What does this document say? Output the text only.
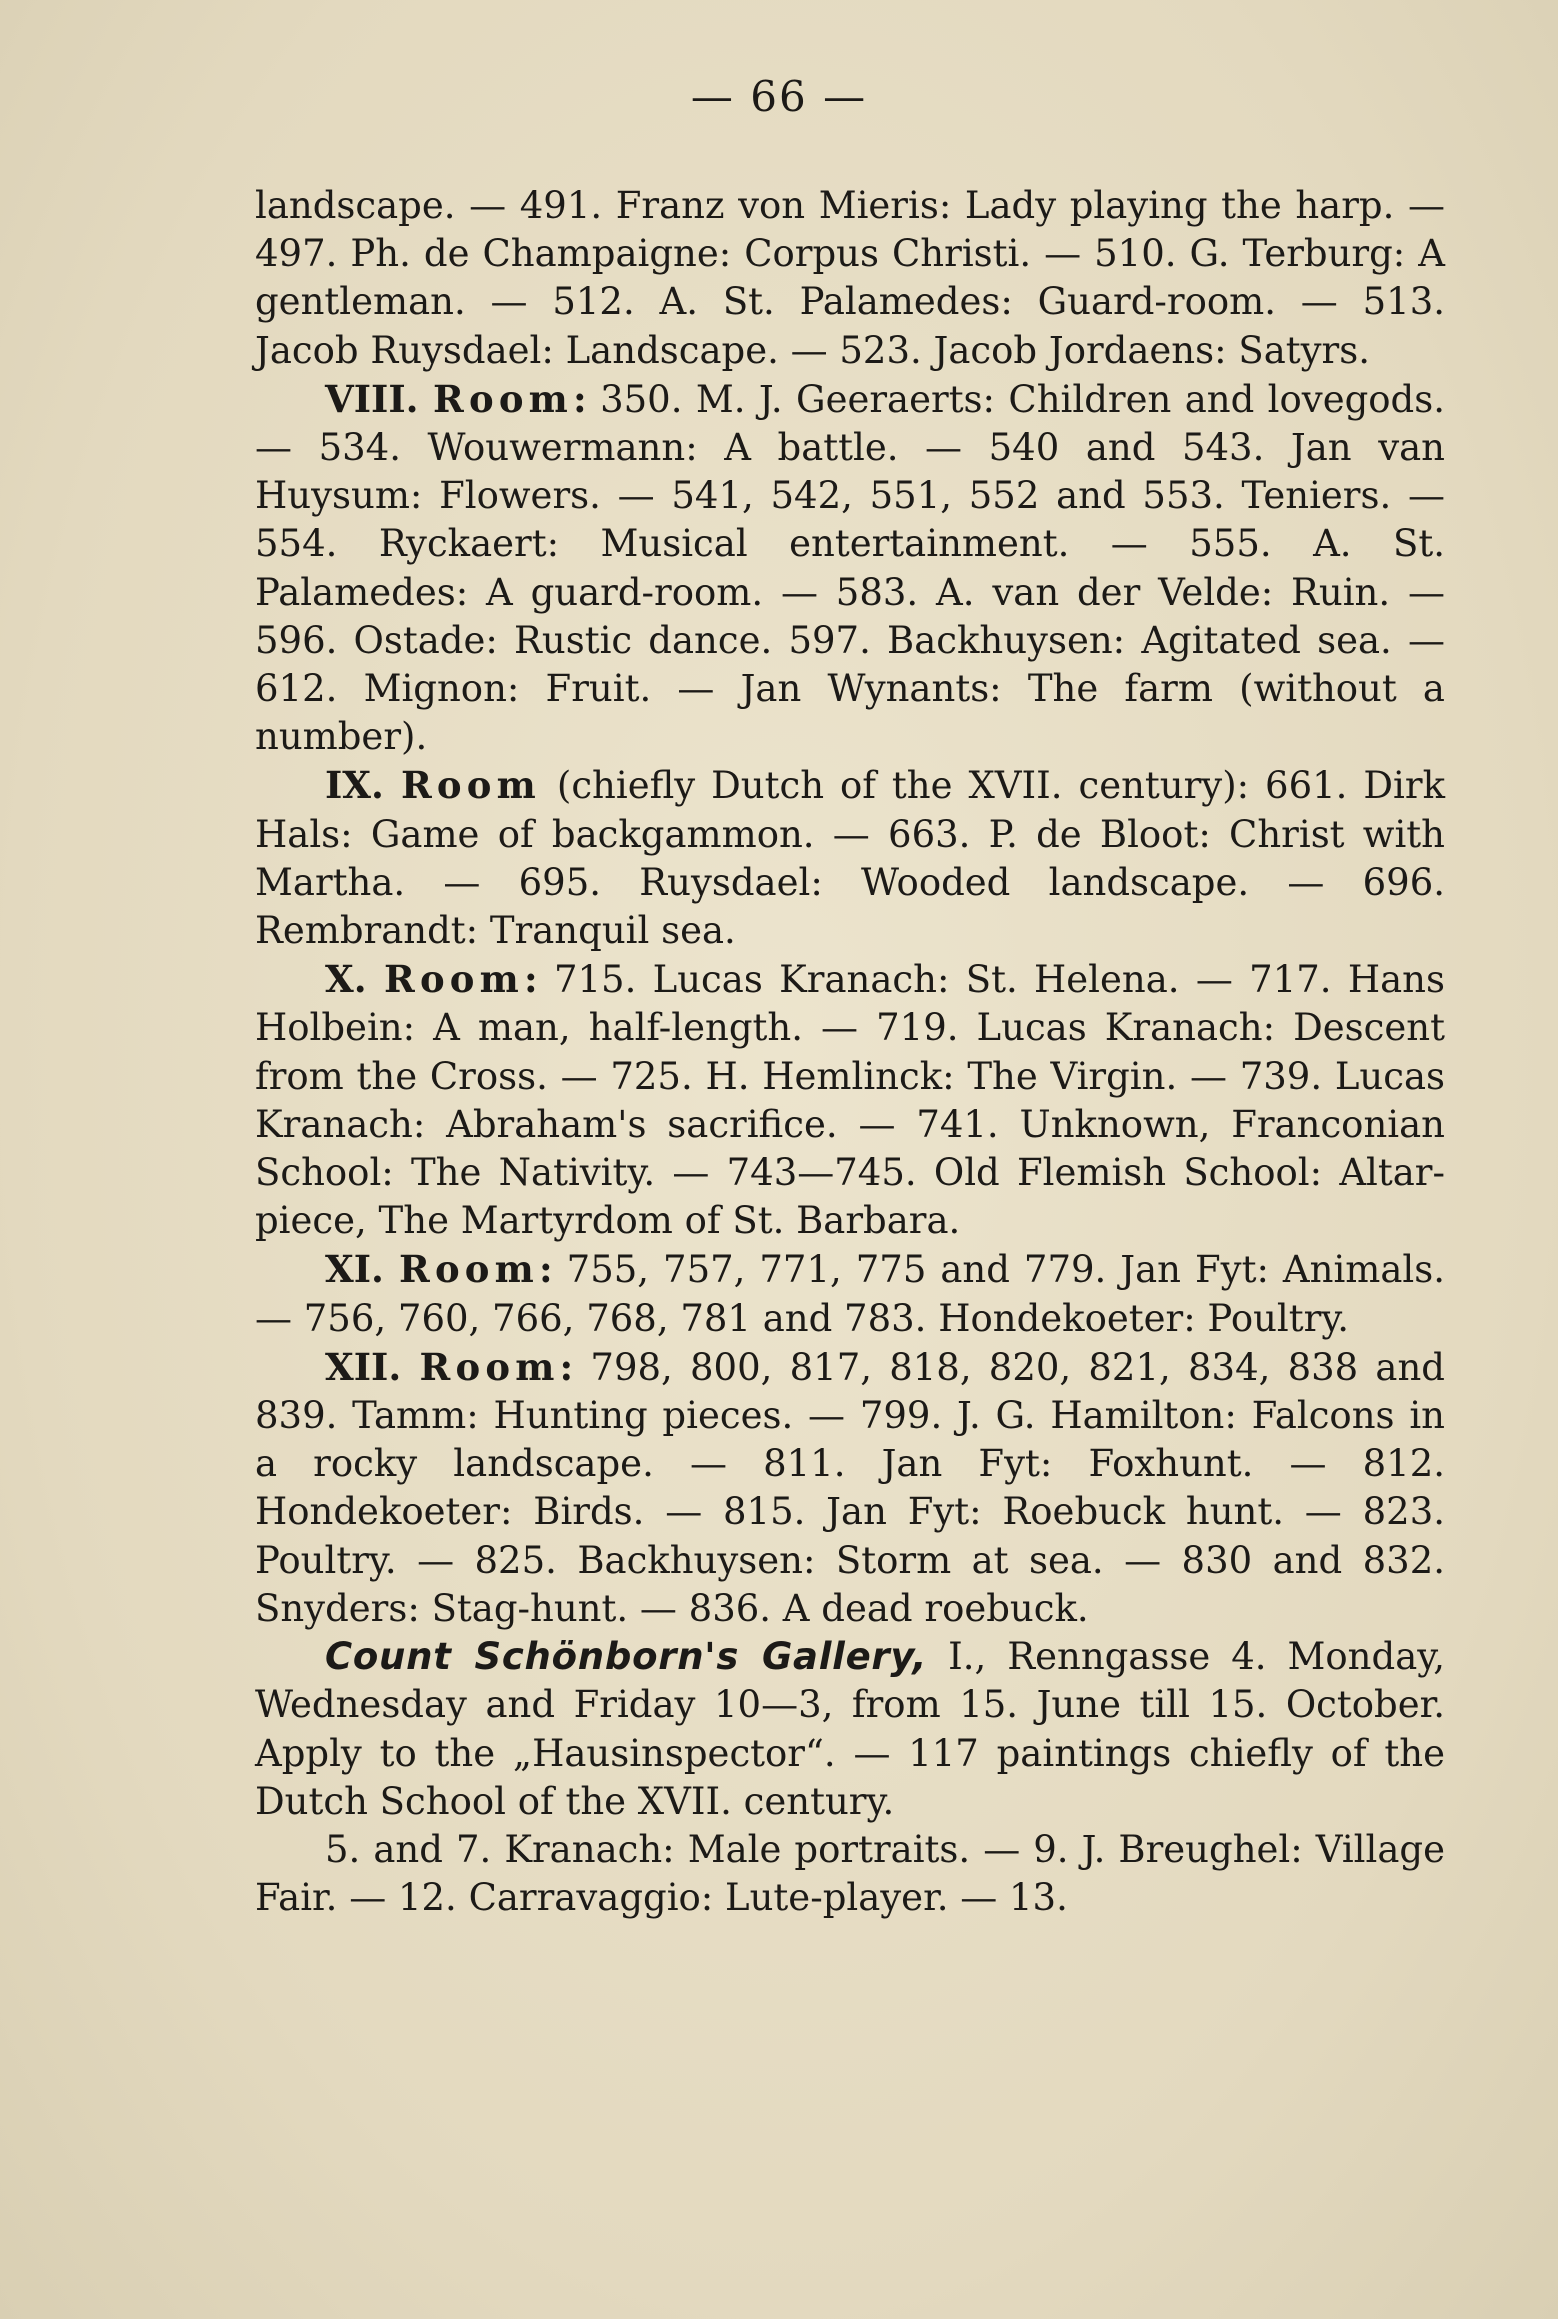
— 66 —

landscape. — 491. Franz von Mieris: Lady playing the harp. — 497. Ph. de Champaigne: Corpus Christi. — 510. G. Terburg: A gentleman. — 512. A. St. Palamedes: Guard-room. — 513. Jacob Ruysdael: Landscape. — 523. Jacob Jordaens: Satyrs.

VIII. Room: 350. M. J. Geeraerts: Children and lovegods. — 534. Wouwermann: A battle. — 540 and 543. Jan van Huysum: Flowers. — 541, 542, 551, 552 and 553. Teniers. — 554. Ryckaert: Musical entertainment. — 555. A. St. Palamedes: A guard-room. — 583. A. van der Velde: Ruin. — 596. Ostade: Rustic dance. 597. Backhuysen: Agitated sea. — 612. Mignon: Fruit. — Jan Wynants: The farm (without a number).

IX. Room (chiefly Dutch of the XVII. century): 661. Dirk Hals: Game of backgammon. — 663. P. de Bloot: Christ with Martha. — 695. Ruysdael: Wooded landscape. — 696. Rembrandt: Tranquil sea.

X. Room: 715. Lucas Kranach: St. Helena. — 717. Hans Holbein: A man, half-length. — 719. Lucas Kranach: Descent from the Cross. — 725. H. Hemlinck: The Virgin. — 739. Lucas Kranach: Abraham's sacrifice. — 741. Unknown, Franconian School: The Nativity. — 743—745. Old Flemish School: Altar-piece, The Martyrdom of St. Barbara.

XI. Room: 755, 757, 771, 775 and 779. Jan Fyt: Animals. — 756, 760, 766, 768, 781 and 783. Hondekoeter: Poultry.

XII. Room: 798, 800, 817, 818, 820, 821, 834, 838 and 839. Tamm: Hunting pieces. — 799. J. G. Hamilton: Falcons in a rocky landscape. — 811. Jan Fyt: Foxhunt. — 812. Hondekoeter: Birds. — 815. Jan Fyt: Roebuck hunt. — 823. Poultry. — 825. Backhuysen: Storm at sea. — 830 and 832. Snyders: Stag-hunt. — 836. A dead roebuck.

Count Schönborn's Gallery, I., Renngasse 4. Monday, Wednesday and Friday 10—3, from 15. June till 15. October. Apply to the „Hausinspector“. — 117 paintings chiefly of the Dutch School of the XVII. century.

5. and 7. Kranach: Male portraits. — 9. J. Breughel: Village Fair. — 12. Carravaggio: Lute-player. — 13.
